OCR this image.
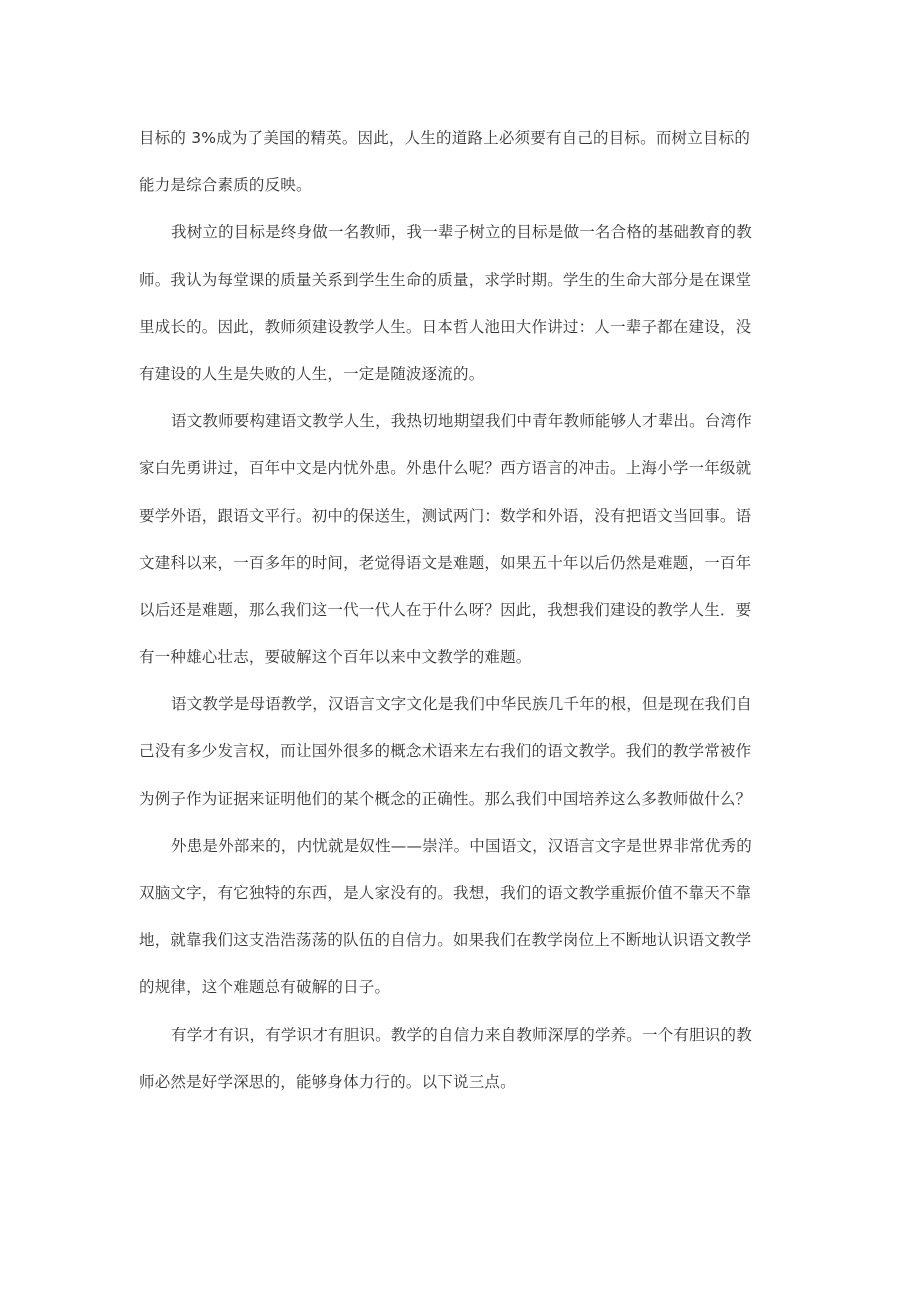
目标的 3%成为了美国的精英。因此，人生的道路上必须要有自己的目标。而树立目标的
能力是综合素质的反映。
我树立的目标是终身做一名教师，我一辈子树立的目标是做一名合格的基础教育的教
师。我认为每堂课的质量关系到学生生命的质量，求学时期。学生的生命大部分是在课堂
里成长的。因此，教师须建设教学人生。日本哲人池田大作讲过：人一辈子都在建设，没
有建设的人生是失败的人生，一定是随波逐流的。
语文教师要构建语文教学人生，我热切地期望我们中青年教师能够人才辈出。台湾作
家白先勇讲过，百年中文是内忧外患。外患什么呢？西方语言的冲击。上海小学一年级就
要学外语，跟语文平行。初中的保送生，测试两门：数学和外语，没有把语文当回事。语
文建科以来，一百多年的时间，老觉得语文是难题，如果五十年以后仍然是难题，一百年
以后还是难题，那么我们这一代一代人在于什么呀？因此，我想我们建设的教学人生．要
有一种雄心壮志，要破解这个百年以来中文教学的难题。
语文教学是母语教学，汉语言文字文化是我们中华民族几千年的根，但是现在我们自
己没有多少发言权，而让国外很多的概念术语来左右我们的语文教学。我们的教学常被作
为例子作为证据来证明他们的某个概念的正确性。那么我们中国培养这么多教师做什么？
外患是外部来的，内忧就是奴性——崇洋。中国语文，汉语言文字是世界非常优秀的
双脑文字，有它独特的东西，是人家没有的。我想，我们的语文教学重振价值不靠天不靠
地，就靠我们这支浩浩荡荡的队伍的自信力。如果我们在教学岗位上不断地认识语文教学
的规律，这个难题总有破解的日子。
有学才有识，有学识才有胆识。教学的自信力来自教师深厚的学养。一个有胆识的教
师必然是好学深思的，能够身体力行的。以下说三点。
